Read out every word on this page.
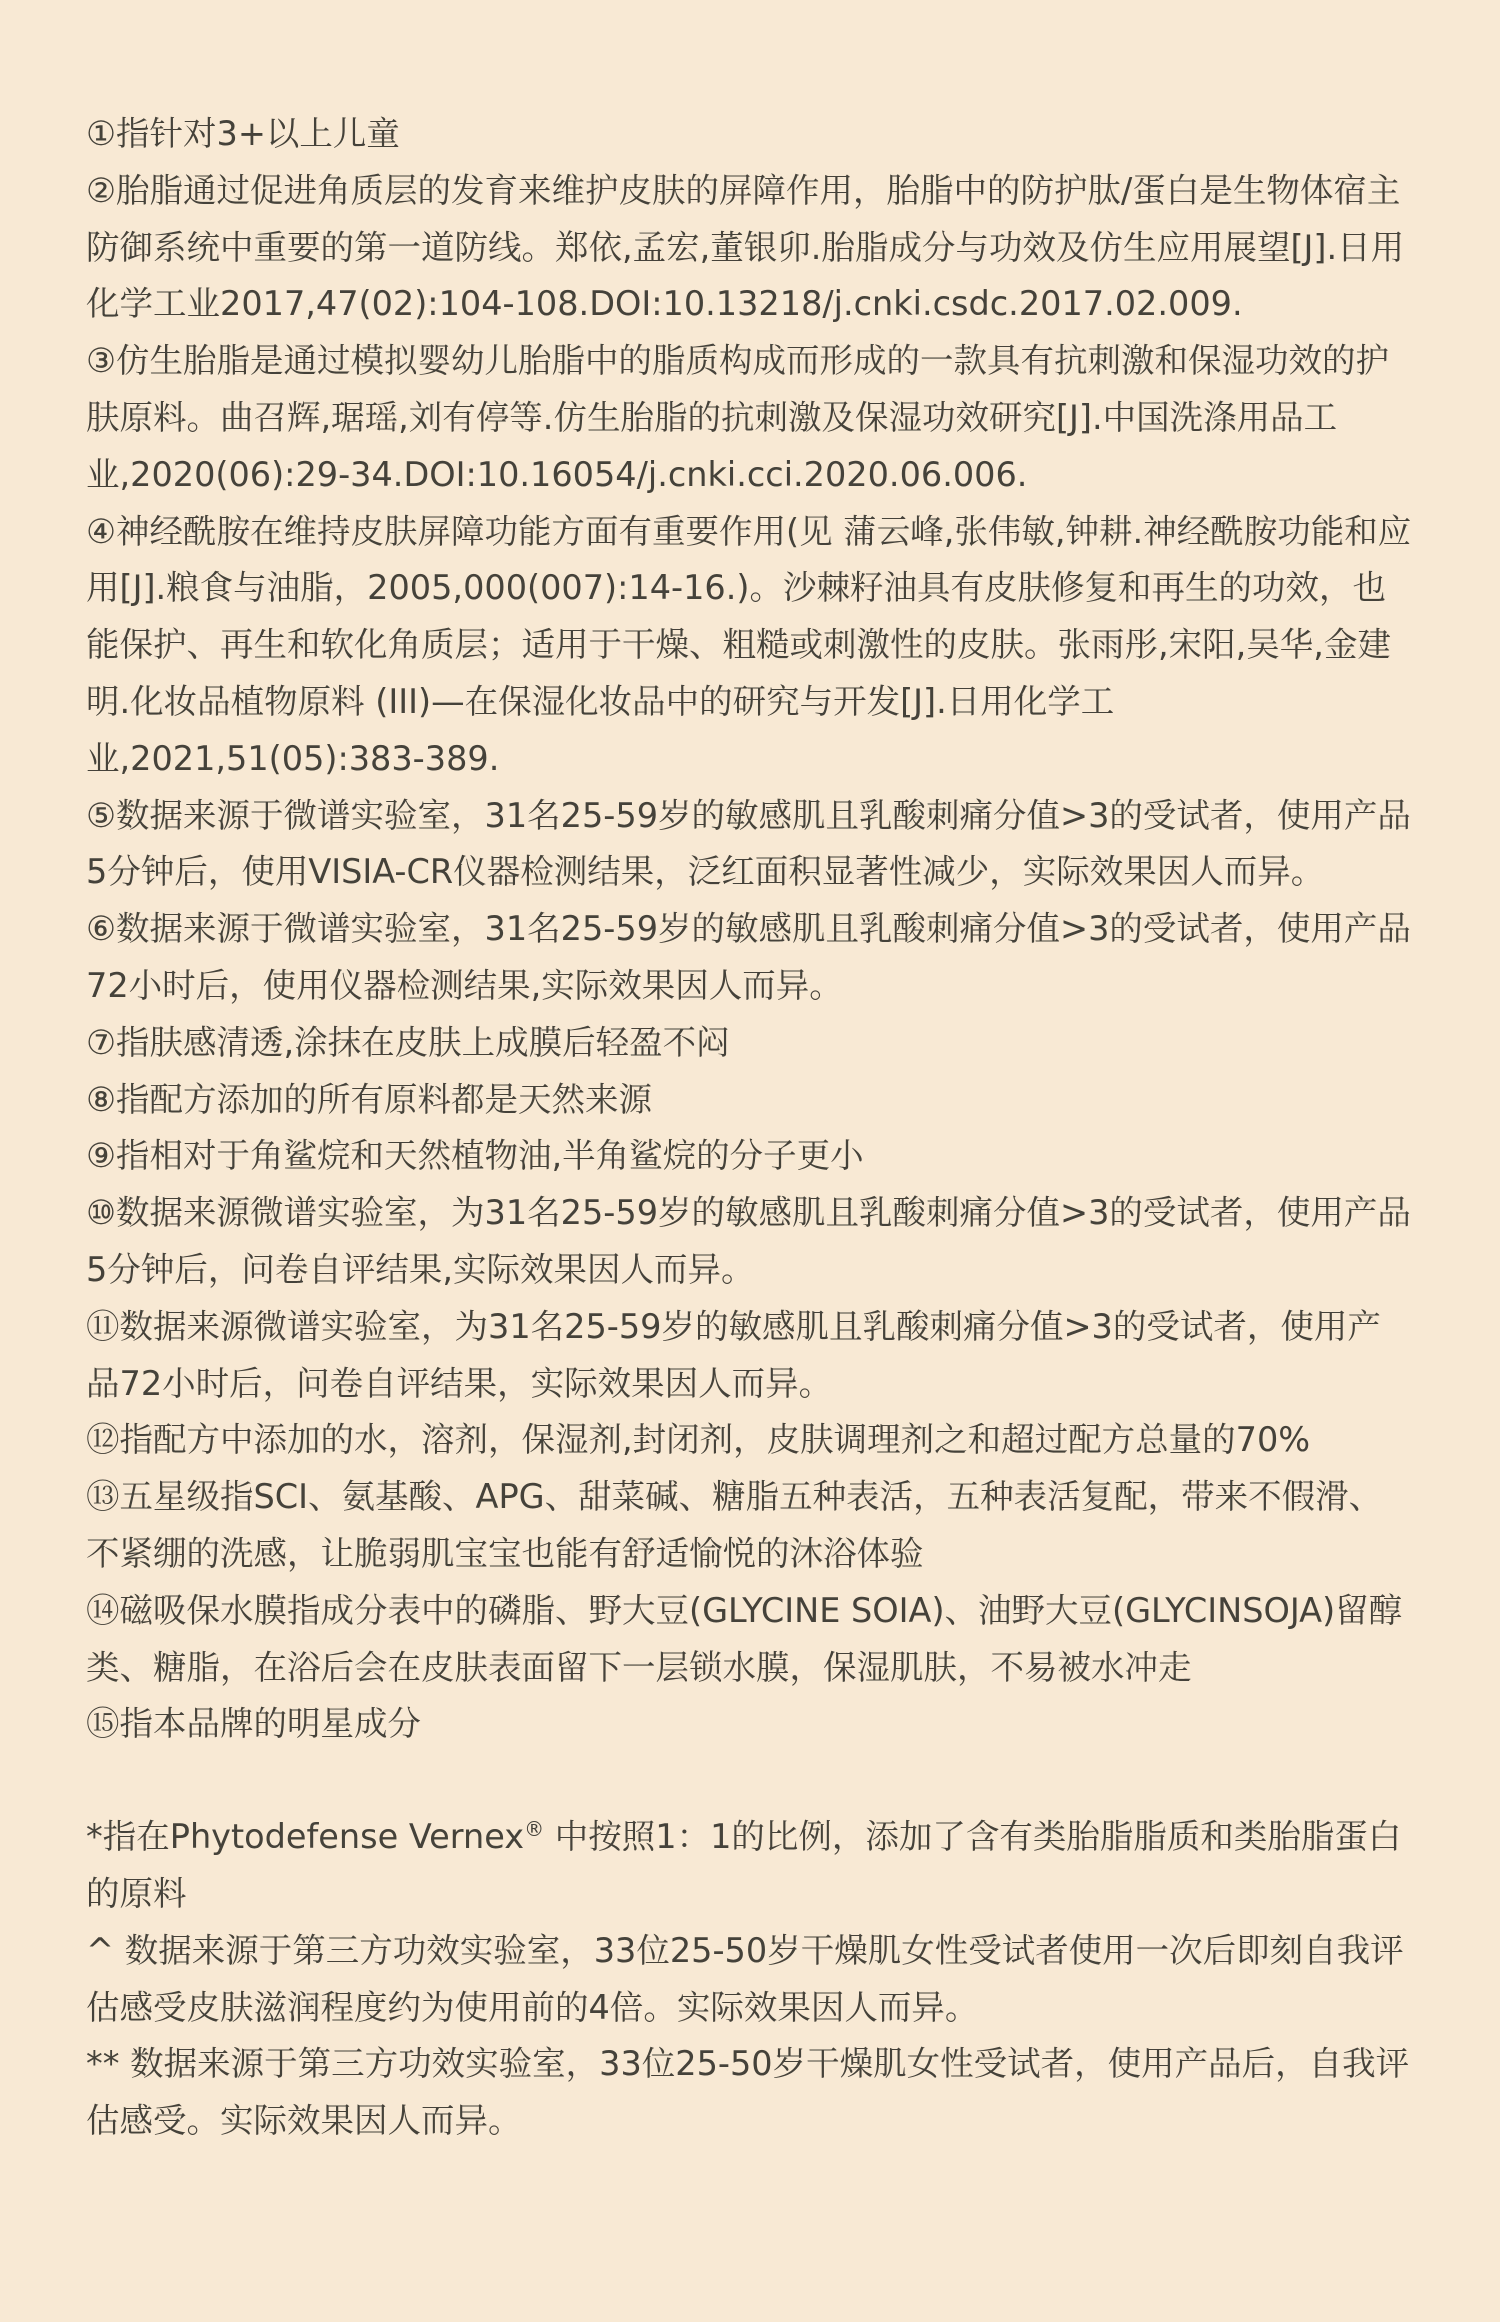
①指针对3+以上儿童

②胎脂通过促进角质层的发育来维护皮肤的屏障作用，胎脂中的防护肽/蛋白是生物体宿主防御系统中重要的第一道防线。郑依,孟宏,董银卯.胎脂成分与功效及仿生应用展望[J].日用化学工业2017,47(02):104-108.DOI:10.13218/j.cnki.csdc.2017.02.009.

③仿生胎脂是通过模拟婴幼儿胎脂中的脂质构成而形成的一款具有抗刺激和保湿功效的护肤原料。曲召辉,琚瑶,刘有停等.仿生胎脂的抗刺激及保湿功效研究[J].中国洗涤用品工业,2020(06):29-34.DOI:10.16054/j.cnki.cci.2020.06.006.

④神经酰胺在维持皮肤屏障功能方面有重要作用(见 蒲云峰,张伟敏,钟耕.神经酰胺功能和应用[J].粮食与油脂，2005,000(007):14-16.)。沙棘籽油具有皮肤修复和再生的功效，也能保护、再生和软化角质层；适用于干燥、粗糙或刺激性的皮肤。张雨彤,宋阳,吴华,金建明.化妆品植物原料 (III)—在保湿化妆品中的研究与开发[J].日用化学工业,2021,51(05):383-389.

⑤数据来源于微谱实验室，31名25-59岁的敏感肌且乳酸刺痛分值>3的受试者，使用产品5分钟后，使用VISIA-CR仪器检测结果，泛红面积显著性减少，实际效果因人而异。

⑥数据来源于微谱实验室，31名25-59岁的敏感肌且乳酸刺痛分值>3的受试者，使用产品72小时后，使用仪器检测结果,实际效果因人而异。

⑦指肤感清透,涂抹在皮肤上成膜后轻盈不闷

⑧指配方添加的所有原料都是天然来源

⑨指相对于角鲨烷和天然植物油,半角鲨烷的分子更小

⑩数据来源微谱实验室，为31名25-59岁的敏感肌且乳酸刺痛分值>3的受试者，使用产品5分钟后，问卷自评结果,实际效果因人而异。

⑪数据来源微谱实验室，为31名25-59岁的敏感肌且乳酸刺痛分值>3的受试者，使用产品72小时后，问卷自评结果，实际效果因人而异。

⑫指配方中添加的水，溶剂，保湿剂,封闭剂，皮肤调理剂之和超过配方总量的70%

⑬五星级指SCI、氨基酸、APG、甜菜碱、糖脂五种表活，五种表活复配，带来不假滑、不紧绷的洗感，让脆弱肌宝宝也能有舒适愉悦的沐浴体验

⑭磁吸保水膜指成分表中的磷脂、野大豆(GLYCINE SOIA)、油野大豆(GLYCINSOJA)留醇类、糖脂，在浴后会在皮肤表面留下一层锁水膜，保湿肌肤，不易被水冲走

⑮指本品牌的明星成分

*指在Phytodefense Vernex® 中按照1：1的比例，添加了含有类胎脂脂质和类胎脂蛋白的原料

^ 数据来源于第三方功效实验室，33位25-50岁干燥肌女性受试者使用一次后即刻自我评估感受皮肤滋润程度约为使用前的4倍。实际效果因人而异。

** 数据来源于第三方功效实验室，33位25-50岁干燥肌女性受试者，使用产品后，自我评估感受。实际效果因人而异。
